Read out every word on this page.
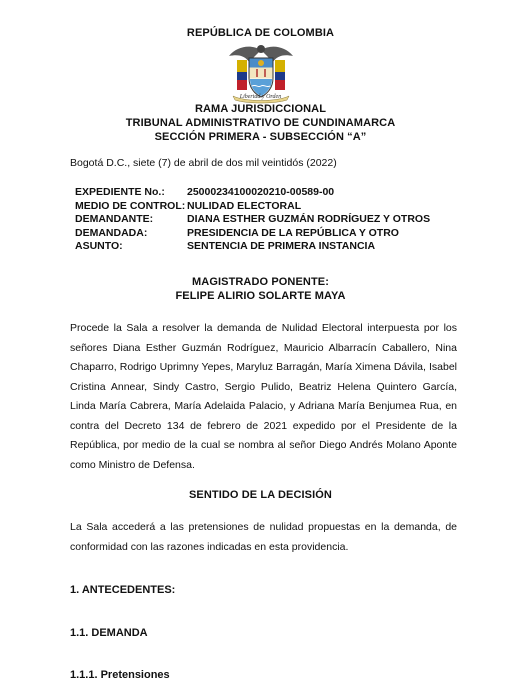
REPÚBLICA DE COLOMBIA
Libertad y Orden
RAMA JURISDICCIONAL
TRIBUNAL ADMINISTRATIVO DE CUNDINAMARCA
SECCIÓN PRIMERA - SUBSECCIÓN “A”
Bogotá D.C., siete (7) de abril de dos mil veintidós (2022)
EXPEDIENTE No.: 25000234100020210-00589-00
MEDIO DE CONTROL: NULIDAD ELECTORAL
DEMANDANTE:	DIANA ESTHER GUZMÁN RODRÍGUEZ Y OTROS
DEMANDADA:	PRESIDENCIA DE LA REPÚBLICA Y OTRO
ASUNTO:	SENTENCIA DE PRIMERA INSTANCIA
MAGISTRADO PONENTE:
FELIPE ALIRIO SOLARTE MAYA
Procede la Sala a resolver la demanda de Nulidad Electoral interpuesta por los señores Diana Esther Guzmán Rodríguez, Mauricio Albarracín Caballero, Nina Chaparro, Rodrigo Uprimny Yepes, Maryluz Barragán, María Ximena Dávila, Isabel Cristina Annear, Sindy Castro, Sergio Pulido, Beatriz Helena Quintero García, Linda María Cabrera, María Adelaida Palacio, y Adriana María Benjumea Rua, en contra del Decreto 134 de febrero de 2021 expedido por el Presidente de la República, por medio de la cual se nombra al señor Diego Andrés Molano Aponte como Ministro de Defensa.
SENTIDO DE LA DECISIÓN
La Sala accederá a las pretensiones de nulidad propuestas en la demanda, de conformidad con las razones indicadas en esta providencia.
1. ANTECEDENTES:
1.1. DEMANDA
1.1.1. Pretensiones
